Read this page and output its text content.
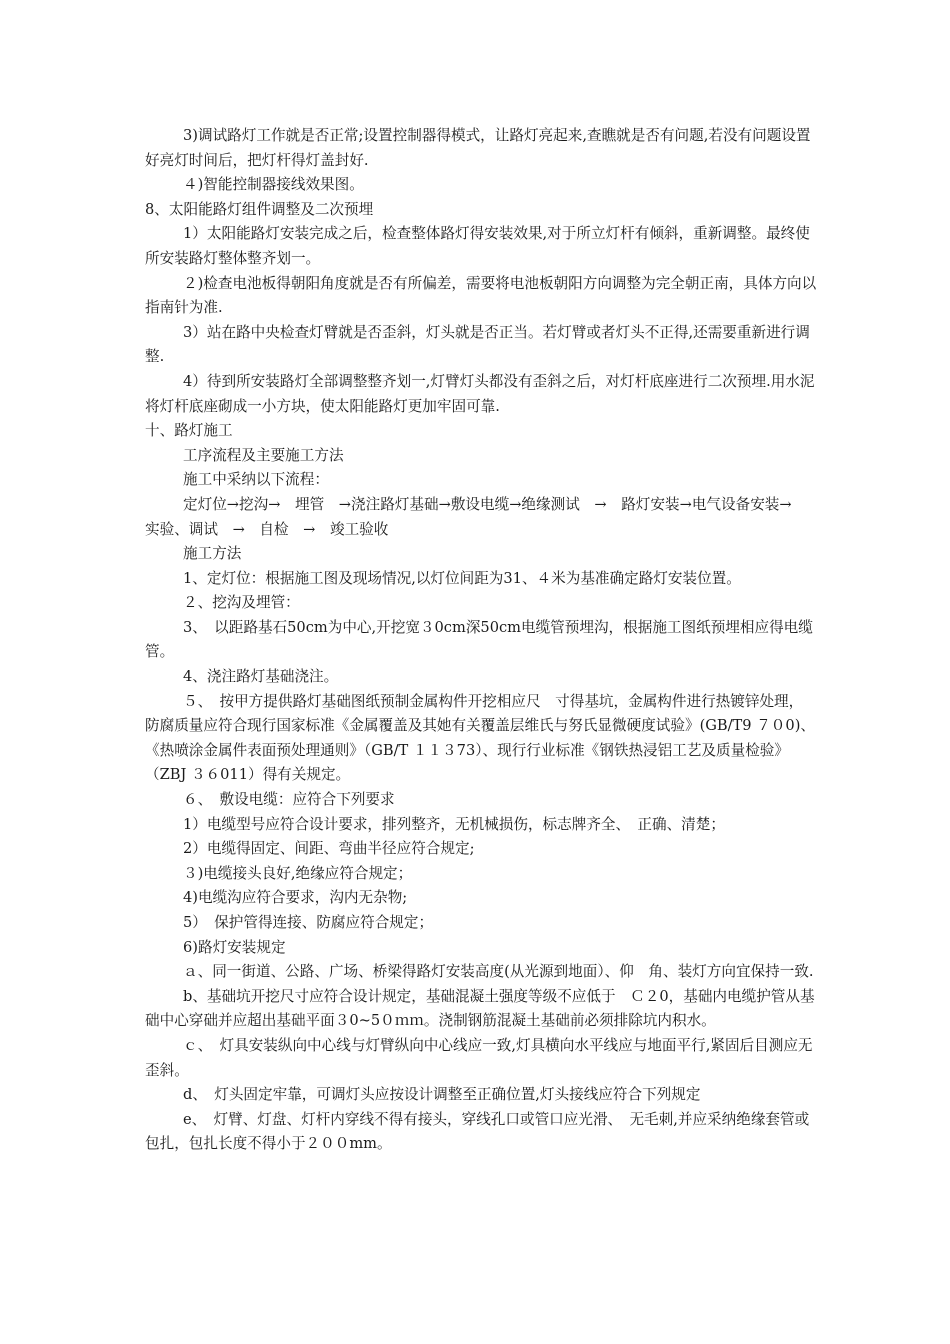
3)调试路灯工作就是否正常;设置控制器得模式，让路灯亮起来,查瞧就是否有问题,若没有问题设置好亮灯时间后，把灯杆得灯盖封好.

４)智能控制器接线效果图。

8、太阳能路灯组件调整及二次预埋

1）太阳能路灯安装完成之后，检查整体路灯得安装效果,对于所立灯杆有倾斜，重新调整。最终使所安装路灯整体整齐划一。

２)检查电池板得朝阳角度就是否有所偏差，需要将电池板朝阳方向调整为完全朝正南，具体方向以指南针为准.

3）站在路中央检查灯臂就是否歪斜，灯头就是否正当。若灯臂或者灯头不正得,还需要重新进行调整.

4）待到所安装路灯全部调整整齐划一,灯臂灯头都没有歪斜之后，对灯杆底座进行二次预埋.用水泥将灯杆底座砌成一小方块，使太阳能路灯更加牢固可靠.

十、路灯施工

工序流程及主要施工方法

施工中采纳以下流程：

定灯位→挖沟→　埋管　→浇注路灯基础→敷设电缆→绝缘测试　→　路灯安装→电气设备安装→　　实验、调试　→　自检　→　竣工验收

施工方法

1、定灯位：根据施工图及现场情况,以灯位间距为31、４米为基准确定路灯安装位置。

２、挖沟及埋管：

3、　以距路基石50cm为中心,开挖宽３0cm深50cm电缆管预埋沟，根据施工图纸预埋相应得电缆管。

4、浇注路灯基础浇注。

５、　按甲方提供路灯基础图纸预制金属构件开挖相应尺　寸得基坑，金属构件进行热镀锌处理，防腐质量应符合现行国家标准《金属覆盖及其她有关覆盖层维氏与努氏显微硬度试验》(GB/T9 ７０0)、《热喷涂金属件表面预处理通则》（GB/T １１３73）、现行行业标准《钢铁热浸铝工艺及质量检验》（ZBJ ３６011）得有关规定。

６、　敷设电缆：应符合下列要求

1）电缆型号应符合设计要求，排列整齐，无机械损伤，标志牌齐全、　正确、清楚；

2）电缆得固定、间距、弯曲半径应符合规定;

３)电缆接头良好,绝缘应符合规定；

4)电缆沟应符合要求，沟内无杂物;

5）　保护管得连接、防腐应符合规定；

6)路灯安装规定

ａ、同一街道、公路、广场、桥梁得路灯安装高度(从光源到地面）、仰　角、装灯方向宜保持一致.

b、基础坑开挖尺寸应符合设计规定，基础混凝土强度等级不应低于　Ｃ２0，基础内电缆护管从基础中心穿础并应超出基础平面３0~5０ｍｍ。浇制钢筋混凝土基础前必须排除坑内积水。

ｃ、　灯具安装纵向中心线与灯臂纵向中心线应一致,灯具横向水平线应与地面平行,紧固后目测应无歪斜。

d、　灯头固定牢靠，可调灯头应按设计调整至正确位置,灯头接线应符合下列规定

e、　灯臂、灯盘、灯杆内穿线不得有接头，穿线孔口或管口应光滑、　无毛刺,并应采纳绝缘套管或包扎，包扎长度不得小于２００mm。
